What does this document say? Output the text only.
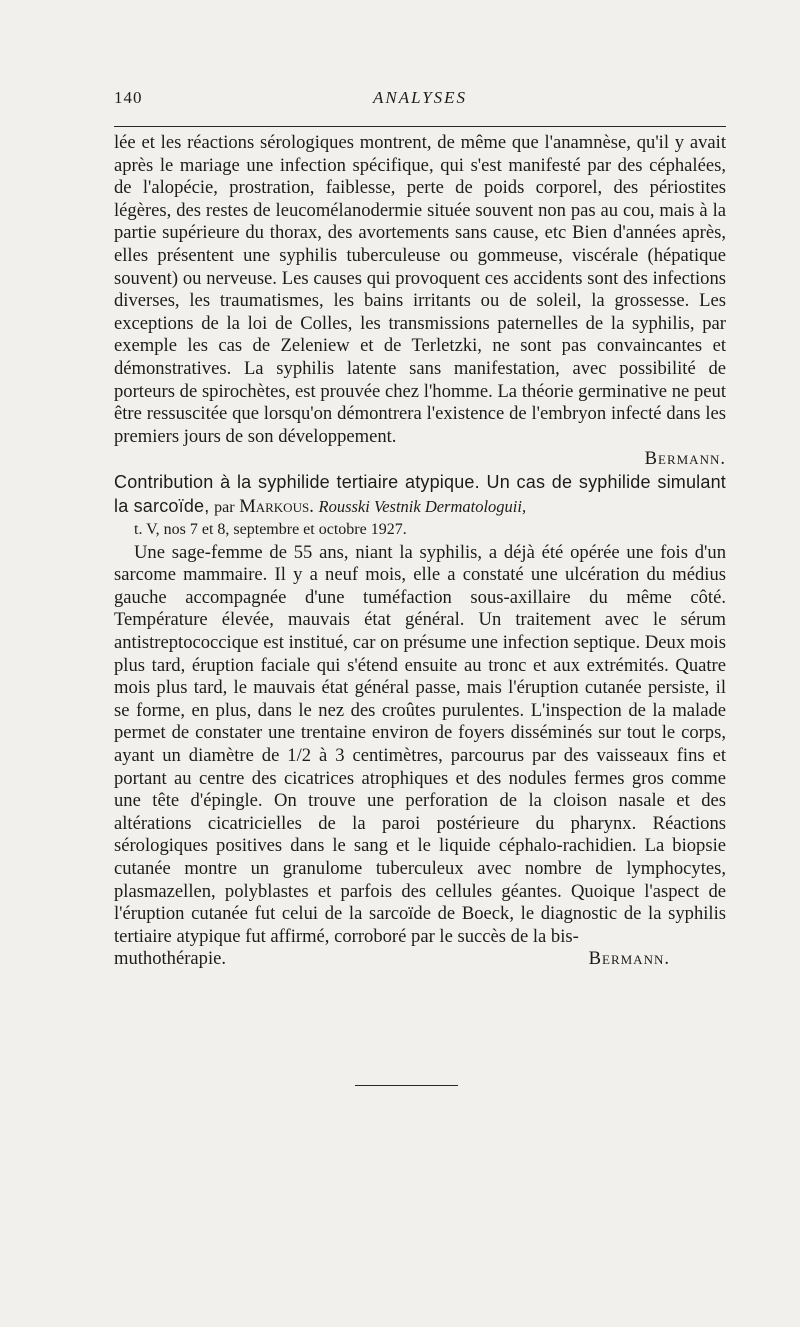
140	ANALYSES

lée et les réactions sérologiques montrent, de même que l'anamnèse, qu'il y avait après le mariage une infection spécifique, qui s'est manifesté par des céphalées, de l'alopécie, prostration, faiblesse, perte de poids corporel, des périostites légères, des restes de leucomélanodermie située souvent non pas au cou, mais à la partie supérieure du thorax, des avortements sans cause, etc Bien d'années après, elles présentent une syphilis tuberculeuse ou gommeuse, viscérale (hépatique souvent) ou nerveuse. Les causes qui provoquent ces accidents sont des infections diverses, les traumatismes, les bains irritants ou de soleil, la grossesse. Les exceptions de la loi de Colles, les transmissions paternelles de la syphilis, par exemple les cas de Zeleniew et de Terletzki, ne sont pas convaincantes et démonstratives. La syphilis latente sans manifestation, avec possibilité de porteurs de spirochètes, est prouvée chez l'homme. La théorie germinative ne peut être ressuscitée que lorsqu'on démontrera l'existence de l'embryon infecté dans les premiers jours de son développement.

Bermann.

Contribution à la syphilide tertiaire atypique. Un cas de syphilide simulant la sarcoïde, par Markous. Rousski Vestnik Dermatologuii,
t. V, nos 7 et 8, septembre et octobre 1927.

Une sage-femme de 55 ans, niant la syphilis, a déjà été opérée une fois d'un sarcome mammaire. Il y a neuf mois, elle a constaté une ulcération du médius gauche accompagnée d'une tuméfaction sous-axillaire du même côté. Température élevée, mauvais état général. Un traitement avec le sérum antistreptococcique est institué, car on présume une infection septique. Deux mois plus tard, éruption faciale qui s'étend ensuite au tronc et aux extrémités. Quatre mois plus tard, le mauvais état général passe, mais l'éruption cutanée persiste, il se forme, en plus, dans le nez des croûtes purulentes. L'inspection de la malade permet de constater une trentaine environ de foyers disséminés sur tout le corps, ayant un diamètre de 1/2 à 3 centimètres, parcourus par des vaisseaux fins et portant au centre des cicatrices atrophiques et des nodules fermes gros comme une tête d'épingle. On trouve une perforation de la cloison nasale et des altérations cicatricielles de la paroi postérieure du pharynx. Réactions sérologiques positives dans le sang et le liquide céphalo-rachidien. La biopsie cutanée montre un granulome tuberculeux avec nombre de lymphocytes, plasmazellen, polyblastes et parfois des cellules géantes. Quoique l'aspect de l'éruption cutanée fut celui de la sarcoïde de Boeck, le diagnostic de la syphilis tertiaire atypique fut affirmé, corroboré par le succès de la bis-

muthothérapie.	Bermann.
